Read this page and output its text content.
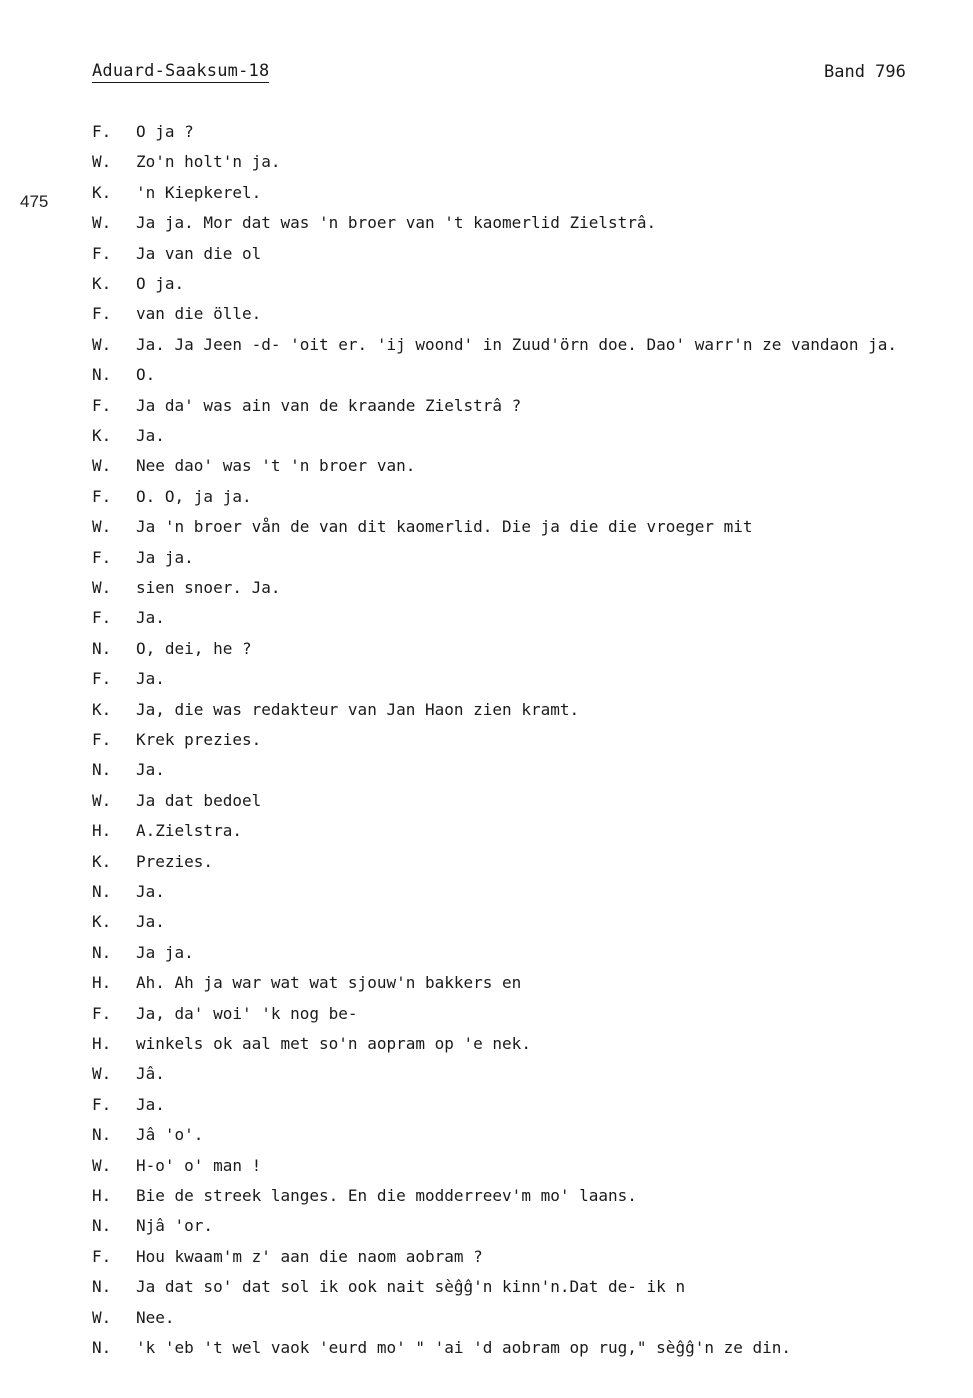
Aduard-Saaksum-18	Band 796
475
F. O ja ?
W. Zo'n holt'n ja.
K. 'n Kiepkerel.
W. Ja ja. Mor dat was 'n broer van 't kaomerlid Zielstrâ.
F. Ja van die ol
K. O ja.
F. van die ölle.
W. Ja. Ja Jeen -d- 'oit er. 'ij woond' in Zuud'örn doe. Dao' warr'n ze vandaon ja.
N. O.
F. Ja da' was ain van de kraande Zielstrâ ?
K. Ja.
W. Nee dao' was 't 'n broer van.
F. O. O, ja ja.
W. Ja 'n broer vån de van dit kaomerlid. Die ja die die vroeger mit
F. Ja ja.
W. sien snoer. Ja.
F. Ja.
N. O, dei, he ?
F. Ja.
K. Ja, die was redakteur van Jan Haon zien kramt.
F. Krek prezies.
N. Ja.
W. Ja dat bedoel
H. A.Zielstra.
K. Prezies.
N. Ja.
K. Ja.
N. Ja ja.
H. Ah. Ah ja war wat wat sjouw'n bakkers en
F. Ja, da' woi' 'k nog be-
H. winkels ok aal met so'n aopram op 'e nek.
W. Jâ.
F. Ja.
N. Jâ 'o'.
W. H-o' o' man !
H. Bie de streek langes. En die modderreev'm mo' laans.
N. Njâ 'or.
F. Hou kwaam'm z' aan die naom aobram ?
N. Ja dat so' dat sol ik ook nait sèĝĝ'n kinn'n.Dat de- ik n
W. Nee.
N. 'k 'eb 't wel vaok 'eurd mo' " 'ai 'd aobram op rug," sèĝĝ'n ze din.
